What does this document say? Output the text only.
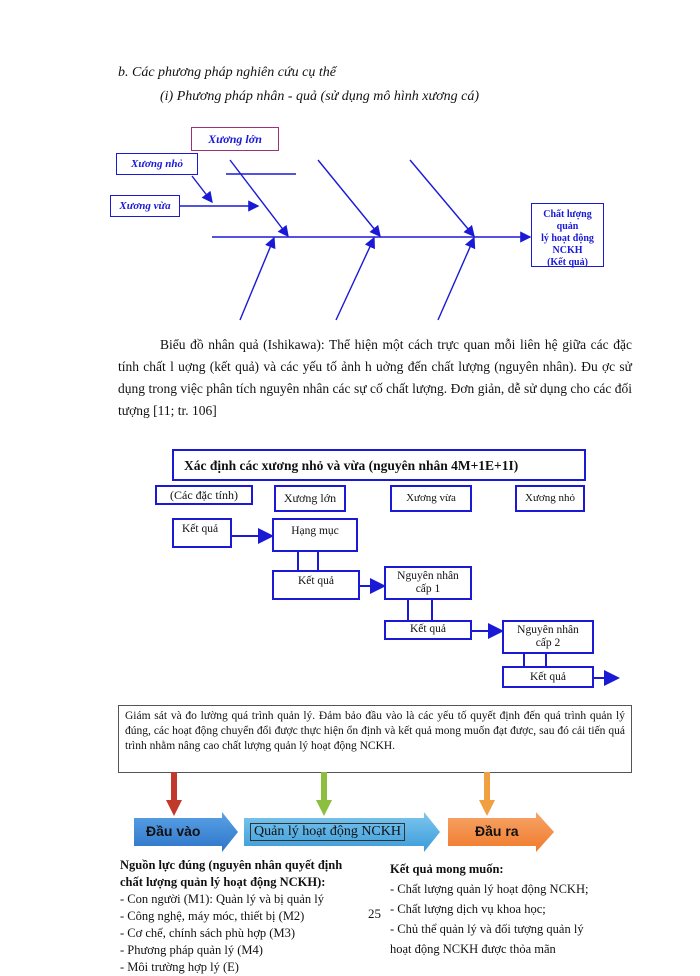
b. Các phương pháp nghiên cứu cụ thể
(i) Phương pháp nhân - quả (sử dụng mô hình xương cá)
Xương lớn
Xương nhỏ
Xương vừa
Chất lượng quản
lý hoạt động
NCKH
(Kết quả)
Biểu đồ nhân quả (Ishikawa): Thể hiện một cách trực quan mỗi liên hệ giữa các đặc tính chất l uợng (kết quả) và các yếu tố ảnh h uởng đến chất lượng (nguyên nhân). Đu ợc sử dụng trong việc phân tích nguyên nhân các sự cố chất lượng. Đơn giản, dễ sử dụng cho các đối tượng [11; tr. 106]
Xác định các xương nhỏ và vừa (nguyên nhân 4M+1E+1I)
(Các đặc tính)	Xương lớn	Xương vừa	Xương nhỏ
Kết quả	Hạng mục
Kết quả	Nguyên nhân
cấp 1
Kết quả	Nguyên nhân
cấp 2
Kết quả
Giám sát và đo lường quá trình quản lý. Đảm bảo đầu vào là các yếu tố quyết định đến quá trình quản lý đúng, các hoạt động chuyển đổi được thực hiện ổn định và kết quả mong muốn đạt được, sau đó cải tiến quá trình nhằm nâng cao chất lượng quản lý hoạt động NCKH.
Đầu vào	Quản lý hoạt động NCKH	Đầu ra
Nguồn lực đúng (nguyên nhân quyết định chất lượng quản lý hoạt động NCKH):
- Con người (M1): Quản lý và bị quản lý
- Công nghệ, máy móc, thiết bị (M2)
- Cơ chế, chính sách phù hợp (M3)
- Phương pháp quản lý (M4)
- Môi trường hợp lý (E)
25
Kết quả mong muốn:
- Chất lượng quản lý hoạt động NCKH;
- Chất lượng dịch vụ khoa học;
- Chủ thể quản lý và đối tượng quản lý
hoạt động NCKH được thỏa mãn
